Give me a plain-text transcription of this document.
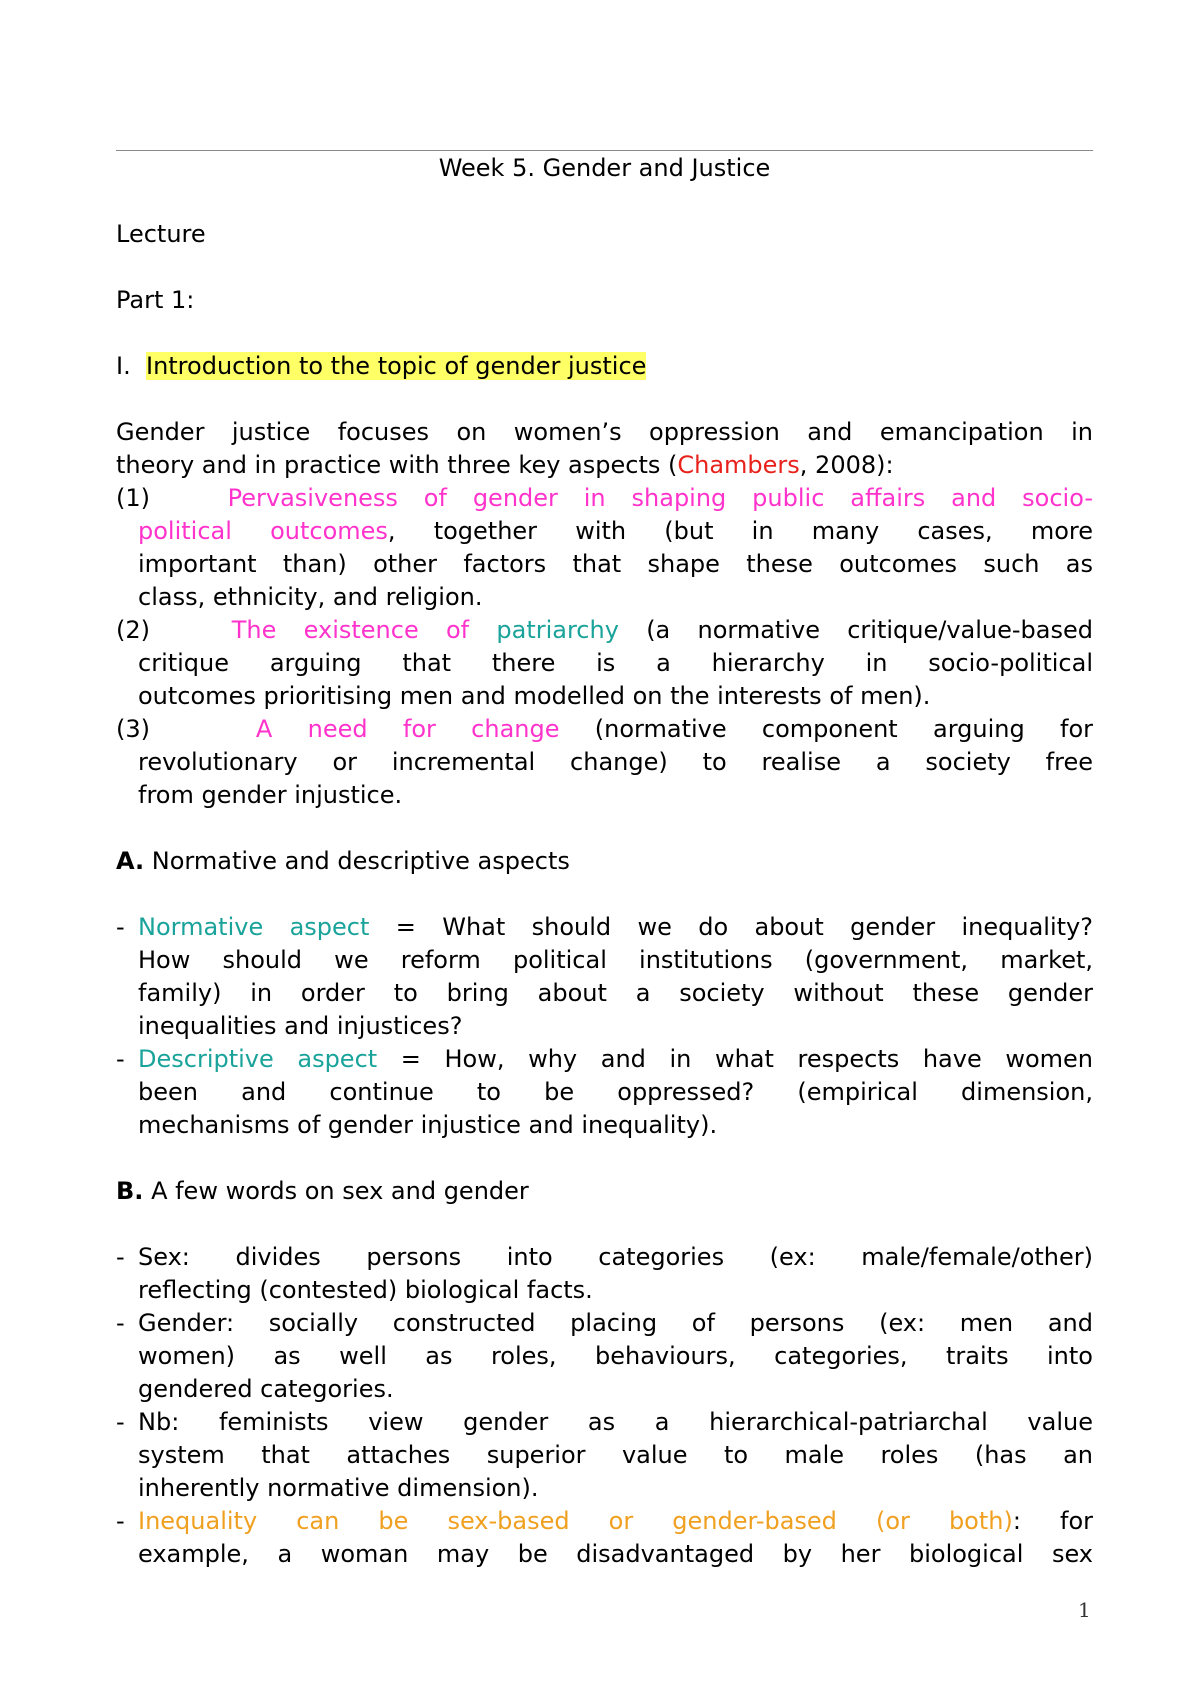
Week 5. Gender and Justice
Lecture
Part 1:
I. Introduction to the topic of gender justice
Gender justice focuses on women’s oppression and emancipation in
theory and in practice with three key aspects (Chambers, 2008):
(1)	Pervasiveness of gender in shaping public affairs and socio-
political outcomes, together with (but in many cases, more
important than) other factors that shape these outcomes such as
class, ethnicity, and religion.
(2)	The existence of patriarchy (a normative critique/value-based
critique arguing that there is a hierarchy in socio-political
outcomes prioritising men and modelled on the interests of men).
(3)	A need for change (normative component arguing for
revolutionary or incremental change) to realise a society free
from gender injustice.
A. Normative and descriptive aspects
- Normative aspect = What should we do about gender inequality?
How should we reform political institutions (government, market,
family) in order to bring about a society without these gender
inequalities and injustices?
- Descriptive aspect = How, why and in what respects have women
been and continue to be oppressed? (empirical dimension,
mechanisms of gender injustice and inequality).
B. A few words on sex and gender
- Sex: divides persons into categories (ex: male/female/other)
reflecting (contested) biological facts.
- Gender: socially constructed placing of persons (ex: men and
women) as well as roles, behaviours, categories, traits into
gendered categories.
- Nb: feminists view gender as a hierarchical-patriarchal value
system that attaches superior value to male roles (has an
inherently normative dimension).
- Inequality can be sex-based or gender-based (or both): for
example, a woman may be disadvantaged by her biological sex
1
